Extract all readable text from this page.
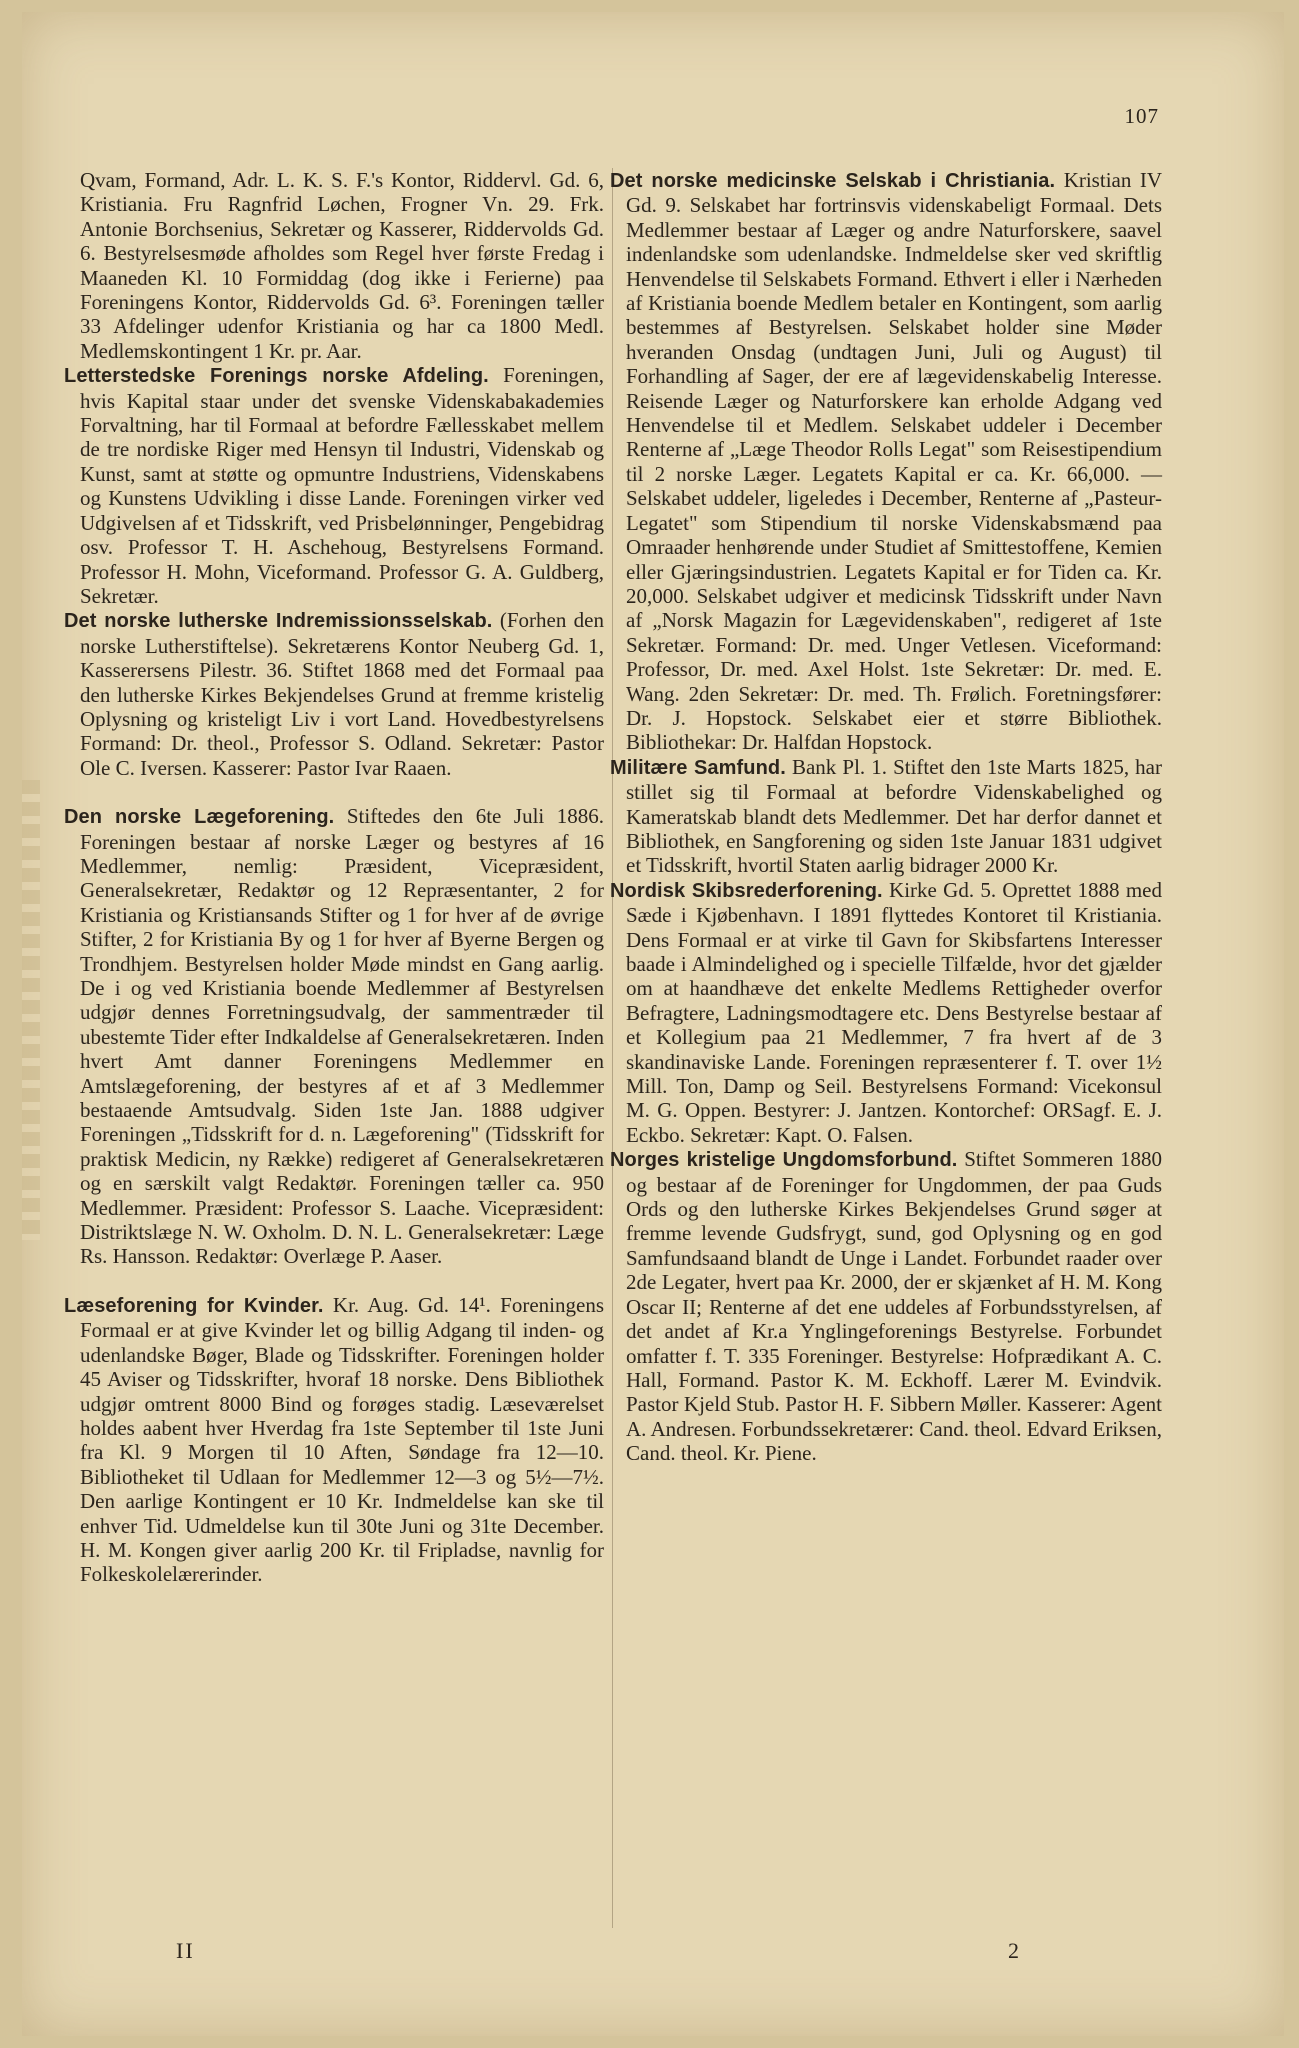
107

Qvam, Formand, Adr. L. K. S. F.'s Kontor, Riddervl. Gd. 6, Kristiania. Fru Ragnfrid Løchen, Frogner Vn. 29. Frk. Antonie Borchsenius, Sekretær og Kasserer, Riddervolds Gd. 6. Bestyrelsesmøde afholdes som Regel hver første Fredag i Maaneden Kl. 10 Formiddag (dog ikke i Ferierne) paa Foreningens Kontor, Riddervolds Gd. 6³. Foreningen tæller 33 Afdelinger udenfor Kristiania og har ca 1800 Medl. Medlemskontingent 1 Kr. pr. Aar.

Letterstedske Forenings norske Afdeling. Foreningen, hvis Kapital staar under det svenske Videnskabakademies Forvaltning, har til Formaal at befordre Fællesskabet mellem de tre nordiske Riger med Hensyn til Industri, Videnskab og Kunst, samt at støtte og opmuntre Industriens, Videnskabens og Kunstens Udvikling i disse Lande. Foreningen virker ved Udgivelsen af et Tidsskrift, ved Prisbelønninger, Pengebidrag osv. Professor T. H. Aschehoug, Bestyrelsens Formand. Professor H. Mohn, Viceformand. Professor G. A. Guldberg, Sekretær.

Det norske lutherske Indremissionsselskab. (Forhen den norske Lutherstiftelse). Sekretærens Kontor Neuberg Gd. 1, Kasserersens Pilestr. 36. Stiftet 1868 med det Formaal paa den lutherske Kirkes Bekjendelses Grund at fremme kristelig Oplysning og kristeligt Liv i vort Land. Hovedbestyrelsens Formand: Dr. theol., Professor S. Odland. Sekretær: Pastor Ole C. Iversen. Kasserer: Pastor Ivar Raaen.

Den norske Lægeforening. Stiftedes den 6te Juli 1886. Foreningen bestaar af norske Læger og bestyres af 16 Medlemmer, nemlig: Præsident, Vicepræsident, Generalsekretær, Redaktør og 12 Repræsentanter, 2 for Kristiania og Kristiansands Stifter og 1 for hver af de øvrige Stifter, 2 for Kristiania By og 1 for hver af Byerne Bergen og Trondhjem. Bestyrelsen holder Møde mindst en Gang aarlig. De i og ved Kristiania boende Medlemmer af Bestyrelsen udgjør dennes Forretningsudvalg, der sammentræder til ubestemte Tider efter Indkaldelse af Generalsekretæren. Inden hvert Amt danner Foreningens Medlemmer en Amtslægeforening, der bestyres af et af 3 Medlemmer bestaaende Amtsudvalg. Siden 1ste Jan. 1888 udgiver Foreningen „Tidsskrift for d. n. Lægeforening" (Tidsskrift for praktisk Medicin, ny Række) redigeret af Generalsekretæren og en særskilt valgt Redaktør. Foreningen tæller ca. 950 Medlemmer. Præsident: Professor S. Laache. Vicepræsident: Distriktslæge N. W. Oxholm. D. N. L. Generalsekretær: Læge Rs. Hansson. Redaktør: Overlæge P. Aaser.

Læseforening for Kvinder. Kr. Aug. Gd. 14¹. Foreningens Formaal er at give Kvinder let og billig Adgang til inden- og udenlandske Bøger, Blade og Tidsskrifter. Foreningen holder 45 Aviser og Tidsskrifter, hvoraf 18 norske. Dens Bibliothek udgjør omtrent 8000 Bind og forøges stadig. Læseværelset holdes aabent hver Hverdag fra 1ste September til 1ste Juni fra Kl. 9 Morgen til 10 Aften, Søndage fra 12—10. Bibliotheket til Udlaan for Medlemmer 12—3 og 5½—7½. Den aarlige Kontingent er 10 Kr. Indmeldelse kan ske til enhver Tid. Udmeldelse kun til 30te Juni og 31te December. H. M. Kongen giver aarlig 200 Kr. til Fripladse, navnlig for Folkeskolelærerinder.

Det norske medicinske Selskab i Christiania. Kristian IV Gd. 9. Selskabet har fortrinsvis videnskabeligt Formaal. Dets Medlemmer bestaar af Læger og andre Naturforskere, saavel indenlandske som udenlandske. Indmeldelse sker ved skriftlig Henvendelse til Selskabets Formand. Ethvert i eller i Nærheden af Kristiania boende Medlem betaler en Kontingent, som aarlig bestemmes af Bestyrelsen. Selskabet holder sine Møder hveranden Onsdag (undtagen Juni, Juli og August) til Forhandling af Sager, der ere af lægevidenskabelig Interesse. Reisende Læger og Naturforskere kan erholde Adgang ved Henvendelse til et Medlem. Selskabet uddeler i December Renterne af „Læge Theodor Rolls Legat" som Reisestipendium til 2 norske Læger. Legatets Kapital er ca. Kr. 66,000. — Selskabet uddeler, ligeledes i December, Renterne af „Pasteur-Legatet" som Stipendium til norske Videnskabsmænd paa Omraader henhørende under Studiet af Smittestoffene, Kemien eller Gjæringsindustrien. Legatets Kapital er for Tiden ca. Kr. 20,000. Selskabet udgiver et medicinsk Tidsskrift under Navn af „Norsk Magazin for Lægevidenskaben", redigeret af 1ste Sekretær. Formand: Dr. med. Unger Vetlesen. Viceformand: Professor, Dr. med. Axel Holst. 1ste Sekretær: Dr. med. E. Wang. 2den Sekretær: Dr. med. Th. Frølich. Foretningsfører: Dr. J. Hopstock. Selskabet eier et større Bibliothek. Bibliothekar: Dr. Halfdan Hopstock.

Militære Samfund. Bank Pl. 1. Stiftet den 1ste Marts 1825, har stillet sig til Formaal at befordre Videnskabelighed og Kameratskab blandt dets Medlemmer. Det har derfor dannet et Bibliothek, en Sangforening og siden 1ste Januar 1831 udgivet et Tidsskrift, hvortil Staten aarlig bidrager 2000 Kr.

Nordisk Skibsrederforening. Kirke Gd. 5. Oprettet 1888 med Sæde i Kjøbenhavn. I 1891 flyttedes Kontoret til Kristiania. Dens Formaal er at virke til Gavn for Skibsfartens Interesser baade i Almindelighed og i specielle Tilfælde, hvor det gjælder om at haandhæve det enkelte Medlems Rettigheder overfor Befragtere, Ladningsmodtagere etc. Dens Bestyrelse bestaar af et Kollegium paa 21 Medlemmer, 7 fra hvert af de 3 skandinaviske Lande. Foreningen repræsenterer f. T. over 1½ Mill. Ton, Damp og Seil. Bestyrelsens Formand: Vicekonsul M. G. Oppen. Bestyrer: J. Jantzen. Kontorchef: ORSagf. E. J. Eckbo. Sekretær: Kapt. O. Falsen.

Norges kristelige Ungdomsforbund. Stiftet Sommeren 1880 og bestaar af de Foreninger for Ungdommen, der paa Guds Ords og den lutherske Kirkes Bekjendelses Grund søger at fremme levende Gudsfrygt, sund, god Oplysning og en god Samfundsaand blandt de Unge i Landet. Forbundet raader over 2de Legater, hvert paa Kr. 2000, der er skjænket af H. M. Kong Oscar II; Renterne af det ene uddeles af Forbundsstyrelsen, af det andet af Kr.a Ynglingeforenings Bestyrelse. Forbundet omfatter f. T. 335 Foreninger. Bestyrelse: Hofprædikant A. C. Hall, Formand. Pastor K. M. Eckhoff. Lærer M. Evindvik. Pastor Kjeld Stub. Pastor H. F. Sibbern Møller. Kasserer: Agent A. Andresen. Forbundssekretærer: Cand. theol. Edvard Eriksen, Cand. theol. Kr. Piene.

II	2
